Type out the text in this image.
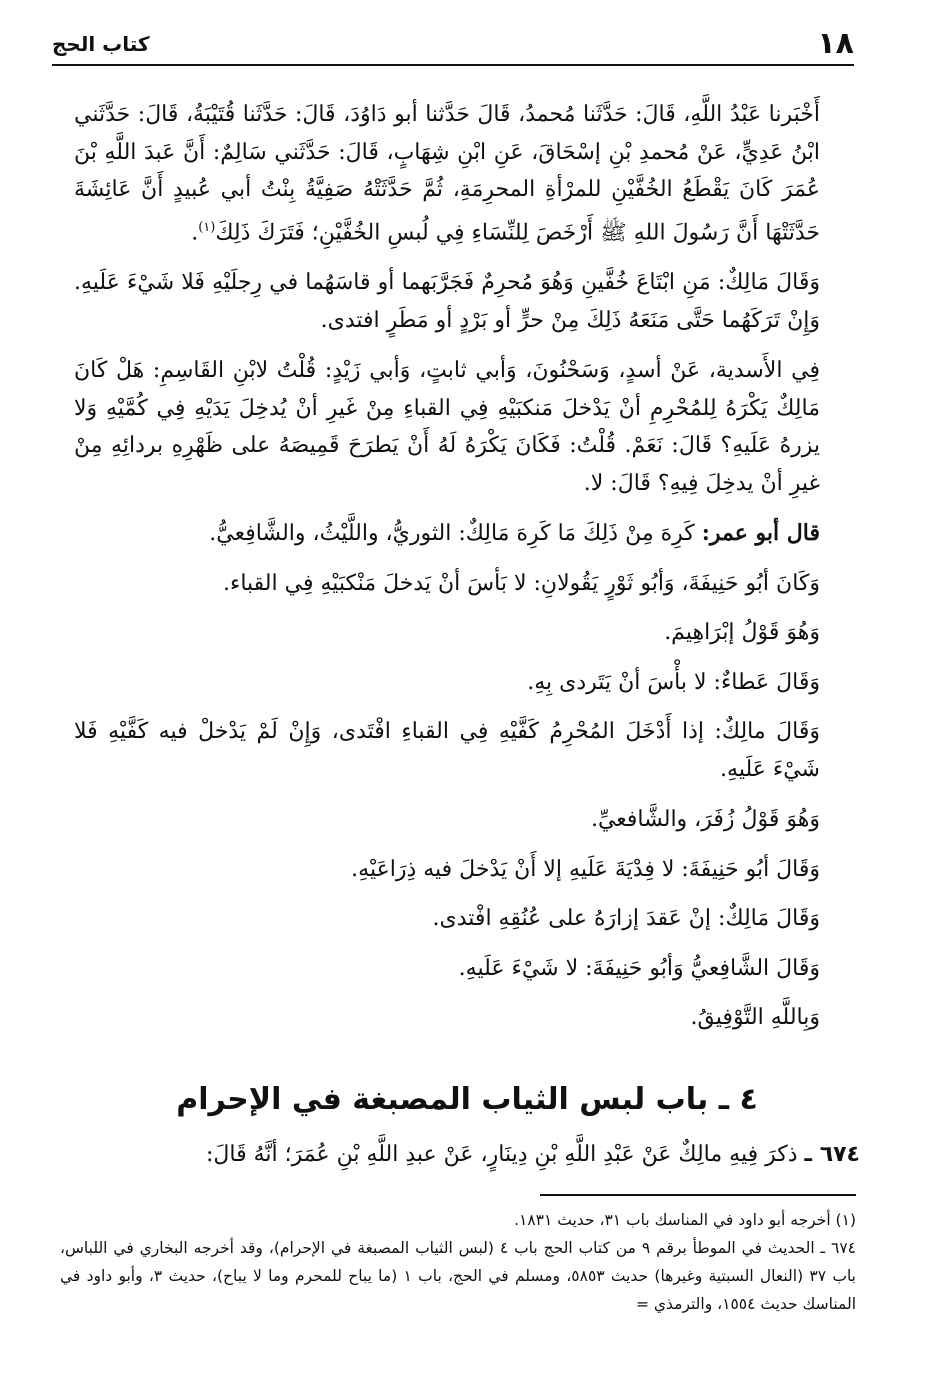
١٨
كتاب الحج

أَخْبَرنا عَبْدُ اللَّهِ، قَالَ: حَدَّثَنا مُحمدُ، قَالَ حَدَّثنا أبو دَاوُدَ، قَالَ: حَدَّثَنا قُتَيْبَةُ، قَالَ: حَدَّثَني ابْنُ عَدِيٍّ، عَنْ مُحمدِ بْنِ إسْحَاقَ، عَنِ ابْنِ شِهَابٍ، قَالَ: حَدَّثَني سَالِمٌ: أَنَّ عَبدَ اللَّهِ بْنَ عُمَرَ كَانَ يَقْطَعُ الخُفَّيْنِ للمرْأةِ المحرِمَةِ، ثُمَّ حَدَّثَتْهُ صَفِيَّةُ بِنْتُ أبي عُبيدٍ أَنَّ عَائِشَةَ حَدَّثَتْهَا أَنَّ رَسُولَ اللهِ ﷺ أَرْخَصَ لِلنِّسَاءِ فِي لُبسِ الخُفَّيْنِ؛ فَتَرَكَ ذَلِكَ$^{(١)}$.

وَقَالَ مَالِكٌ: مَنِ ابْتَاعَ خُفَّينِ وَهُوَ مُحرِمٌ فَجَرَّبَهما أو قاسَهُما في رِجلَيْهِ فَلا شَيْءَ عَلَيهِ. وَإِنْ تَرَكَهُما حَتَّى مَنَعَهُ ذَلِكَ مِنْ حرٍّ أو بَرْدٍ أو مَطَرٍ افتدى.

فِي الأَسدية، عَنْ أسدٍ، وَسَحْنُونَ، وَأبي ثابتٍ، وَأبي زَيْدٍ: قُلْتُ لابْنِ القَاسِمِ: هَلْ كَانَ مَالِكٌ يَكْرَهُ لِلمُحْرِمِ أنْ يَدْخلَ مَنكبَيْهِ فِي القباءِ مِنْ غَيرِ أنْ يُدخِلَ يَدَيْهِ فِي كُمَّيْهِ وَلا يزرهُ عَلَيهِ؟ قَالَ: نَعَمْ. قُلْتُ: فَكَانَ يَكْرَهُ لَهُ أَنْ يَطرَحَ قَمِيصَهُ على ظَهْرِهِ بردائِهِ مِنْ غيرِ أنْ يدخِلَ فِيهِ؟ قَالَ: لا.

قال أبو عمر: كَرِهَ مِنْ ذَلِكَ مَا كَرِهَ مَالِكٌ: الثوريُّ، واللَّيْثُ، والشَّافِعيُّ.

وَكَانَ أبُو حَنِيفَةَ، وَأبُو ثَوْرٍ يَقُولانِ: لا بَأسَ أنْ يَدخلَ مَنْكبَيْهِ فِي القباء.

وَهُوَ قَوْلُ إبْرَاهِيمَ.

وَقَالَ عَطاءٌ: لا بأْسَ أنْ يَتَردى بِهِ.

وَقَالَ مالِكٌ: إذا أَدْخَلَ المُحْرِمُ كَفَّيْهِ فِي القباءِ افْتَدى، وَإِنْ لَمْ يَدْخلْ فيه كَفَّيْهِ فَلا شَيْءَ عَلَيهِ.

وَهُوَ قَوْلُ زُفَرَ، والشَّافعيِّ.

وَقَالَ أبُو حَنِيفَةَ: لا فِدْيَةَ عَلَيهِ إلا أَنْ يَدْخلَ فيه ذِرَاعَيْهِ.

وَقَالَ مَالِكٌ: إنْ عَقدَ إزارَهُ على عُنُقِهِ افْتدى.

وَقَالَ الشَّافِعيُّ وَأبُو حَنِيفَةَ: لا شَيْءَ عَلَيهِ.

وَبِاللَّهِ التَّوْفِيقُ.

٤ ـ باب لبس الثياب المصبغة في الإحرام
٦٧٤ ـ ذكرَ فِيهِ مالِكٌ عَنْ عَبْدِ اللَّهِ بْنِ دِينَارٍ، عَنْ عبدِ اللَّهِ بْنِ عُمَرَ؛ أنَّهُ قَالَ:

(١) أخرجه أبو داود في المناسك باب ٣١، حديث ١٨٣١.

٦٧٤ ـ الحديث في الموطأ برقم ٩ من كتاب الحج باب ٤ (لبس الثياب المصبغة في الإحرام)، وقد أخرجه البخاري في اللباس، باب ٣٧ (النعال السبتية وغيرها) حديث ٥٨٥٣، ومسلم في الحج، باب ١ (ما يباح للمحرم وما لا يباح)، حديث ٣، وأبو داود في المناسك حديث ١٥٥٤، والترمذي =
